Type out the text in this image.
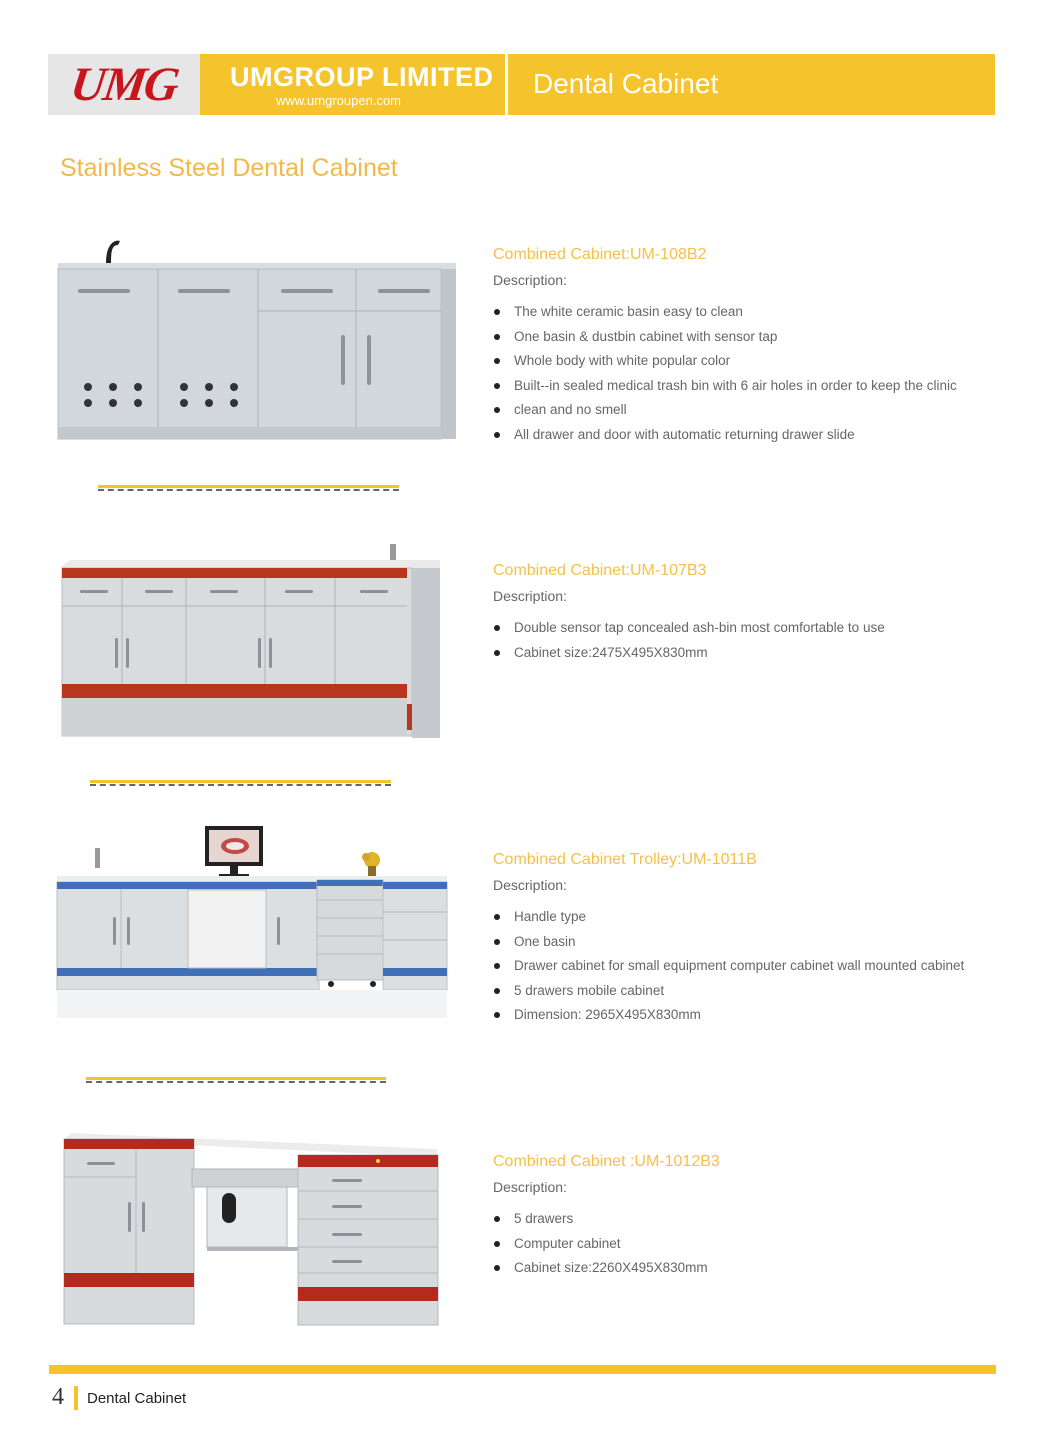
UMG UMGROUP LIMITED
www.umgroupen.com
Dental Cabinet
Stainless Steel Dental Cabinet
Combined Cabinet:UM-108B2
Description:
The white ceramic basin easy to clean
One basin & dustbin cabinet with sensor tap
Whole body with white popular color
Built--in sealed medical trash bin with 6 air holes in order to keep the clinic
clean and no smell
All drawer and door with automatic returning drawer slide
Combined Cabinet:UM-107B3
Description:
Double sensor tap concealed ash-bin most comfortable to use
Cabinet size:2475X495X830mm
Combined Cabinet Trolley:UM-1011B
Description:
Handle type
One basin
Drawer cabinet for small equipment computer cabinet wall mounted cabinet
5 drawers mobile cabinet
Dimension: 2965X495X830mm
Combined Cabinet :UM-1012B3
Description:
5 drawers
Computer cabinet
Cabinet size:2260X495X830mm
4 Dental Cabinet
